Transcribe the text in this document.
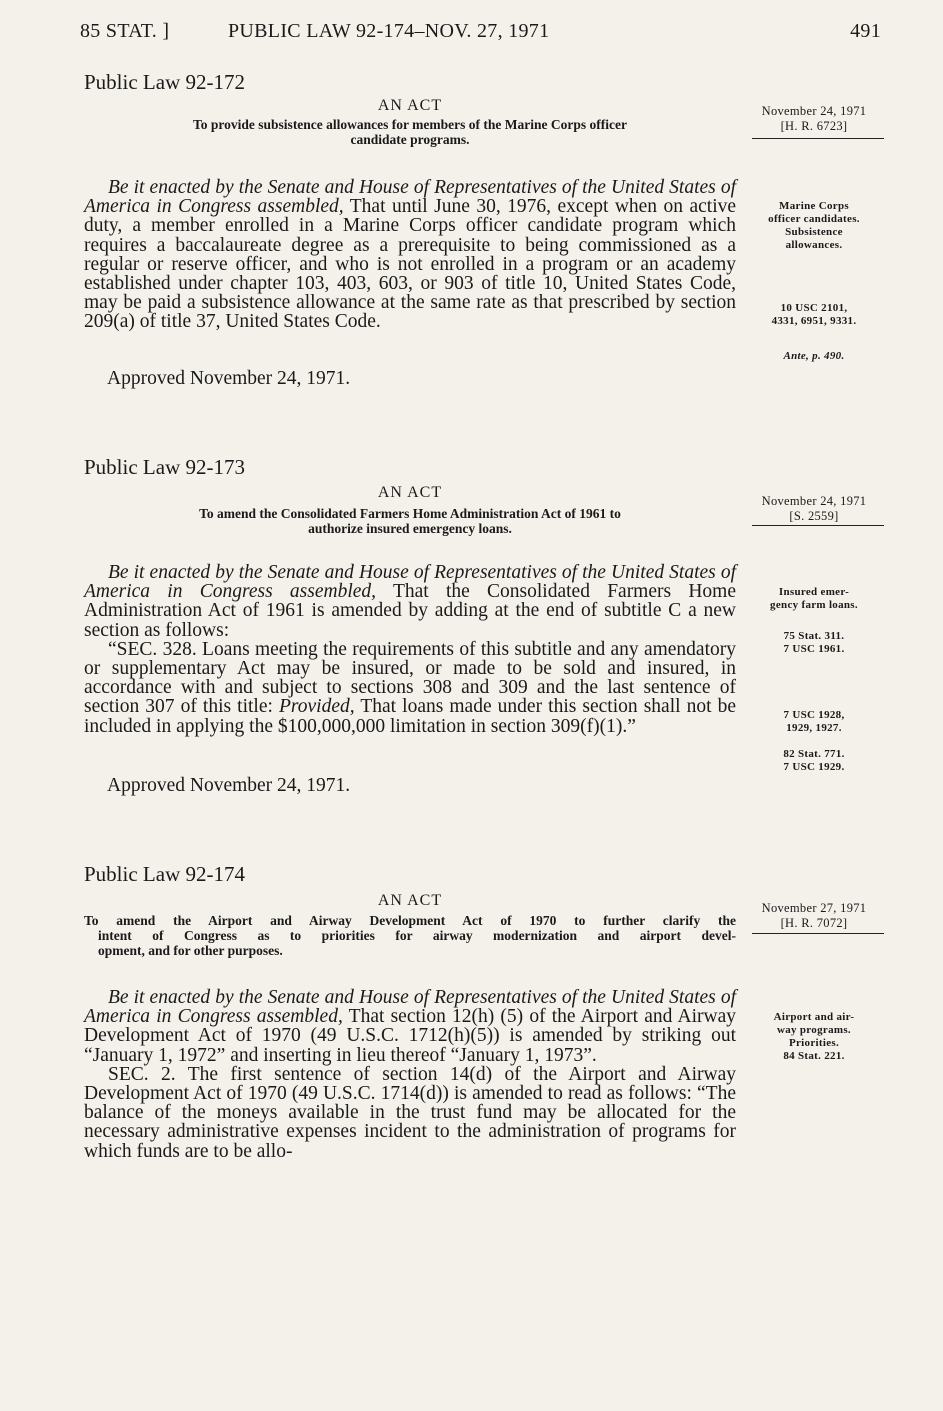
85 STAT. ]	PUBLIC LAW 92-174–NOV. 27, 1971	491
Public Law 92-172
AN ACT
To provide subsistence allowances for members of the Marine Corps officer
candidate programs.
Be it enacted by the Senate and House of Representatives of the United States of America in Congress assembled, That until June 30, 1976, except when on active duty, a member enrolled in a Marine Corps officer candidate program which requires a baccalaureate degree as a prerequisite to being commissioned as a regular or reserve officer, and who is not enrolled in a program or an academy established under chapter 103, 403, 603, or 903 of title 10, United States Code, may be paid a subsistence allowance at the same rate as that prescribed by section 209(a) of title 37, United States Code.
Approved November 24, 1971.
November 24, 1971
[H. R. 6723]
Marine Corps
officer candidates.
Subsistence
allowances.
10 USC 2101,
4331, 6951, 9331.
Ante, p. 490.
Public Law 92-173
AN ACT
To amend the Consolidated Farmers Home Administration Act of 1961 to
authorize insured emergency loans.

Be it enacted by the Senate and House of Representatives of the United States of America in Congress assembled, That the Consolidated Farmers Home Administration Act of 1961 is amended by adding at the end of subtitle C a new section as follows:

“SEC. 328. Loans meeting the requirements of this subtitle and any amendatory or supplementary Act may be insured, or made to be sold and insured, in accordance with and subject to sections 308 and 309 and the last sentence of section 307 of this title: Provided, That loans made under this section shall not be included in applying the $100,000,000 limitation in section 309(f)(1).”

Approved November 24, 1971.
November 24, 1971
[S. 2559]
Insured emer-
gency farm loans.
75 Stat. 311.
7 USC 1961.
7 USC 1928,
1929, 1927.
82 Stat. 771.
7 USC 1929.
Public Law 92-174
AN ACT
To amend the Airport and Airway Development Act of 1970 to further clarify the
intent of Congress as to priorities for airway modernization and airport devel-
opment, and for other purposes.

Be it enacted by the Senate and House of Representatives of the United States of America in Congress assembled, That section 12(h) (5) of the Airport and Airway Development Act of 1970 (49 U.S.C. 1712(h)(5)) is amended by striking out “January 1, 1972” and inserting in lieu thereof “January 1, 1973”.

SEC. 2. The first sentence of section 14(d) of the Airport and Airway Development Act of 1970 (49 U.S.C. 1714(d)) is amended to read as follows: “The balance of the moneys available in the trust fund may be allocated for the necessary administrative expenses incident to the administration of programs for which funds are to be allo-

November 27, 1971
[H. R. 7072]
Airport and air-
way programs.
Priorities.
84 Stat. 221.
